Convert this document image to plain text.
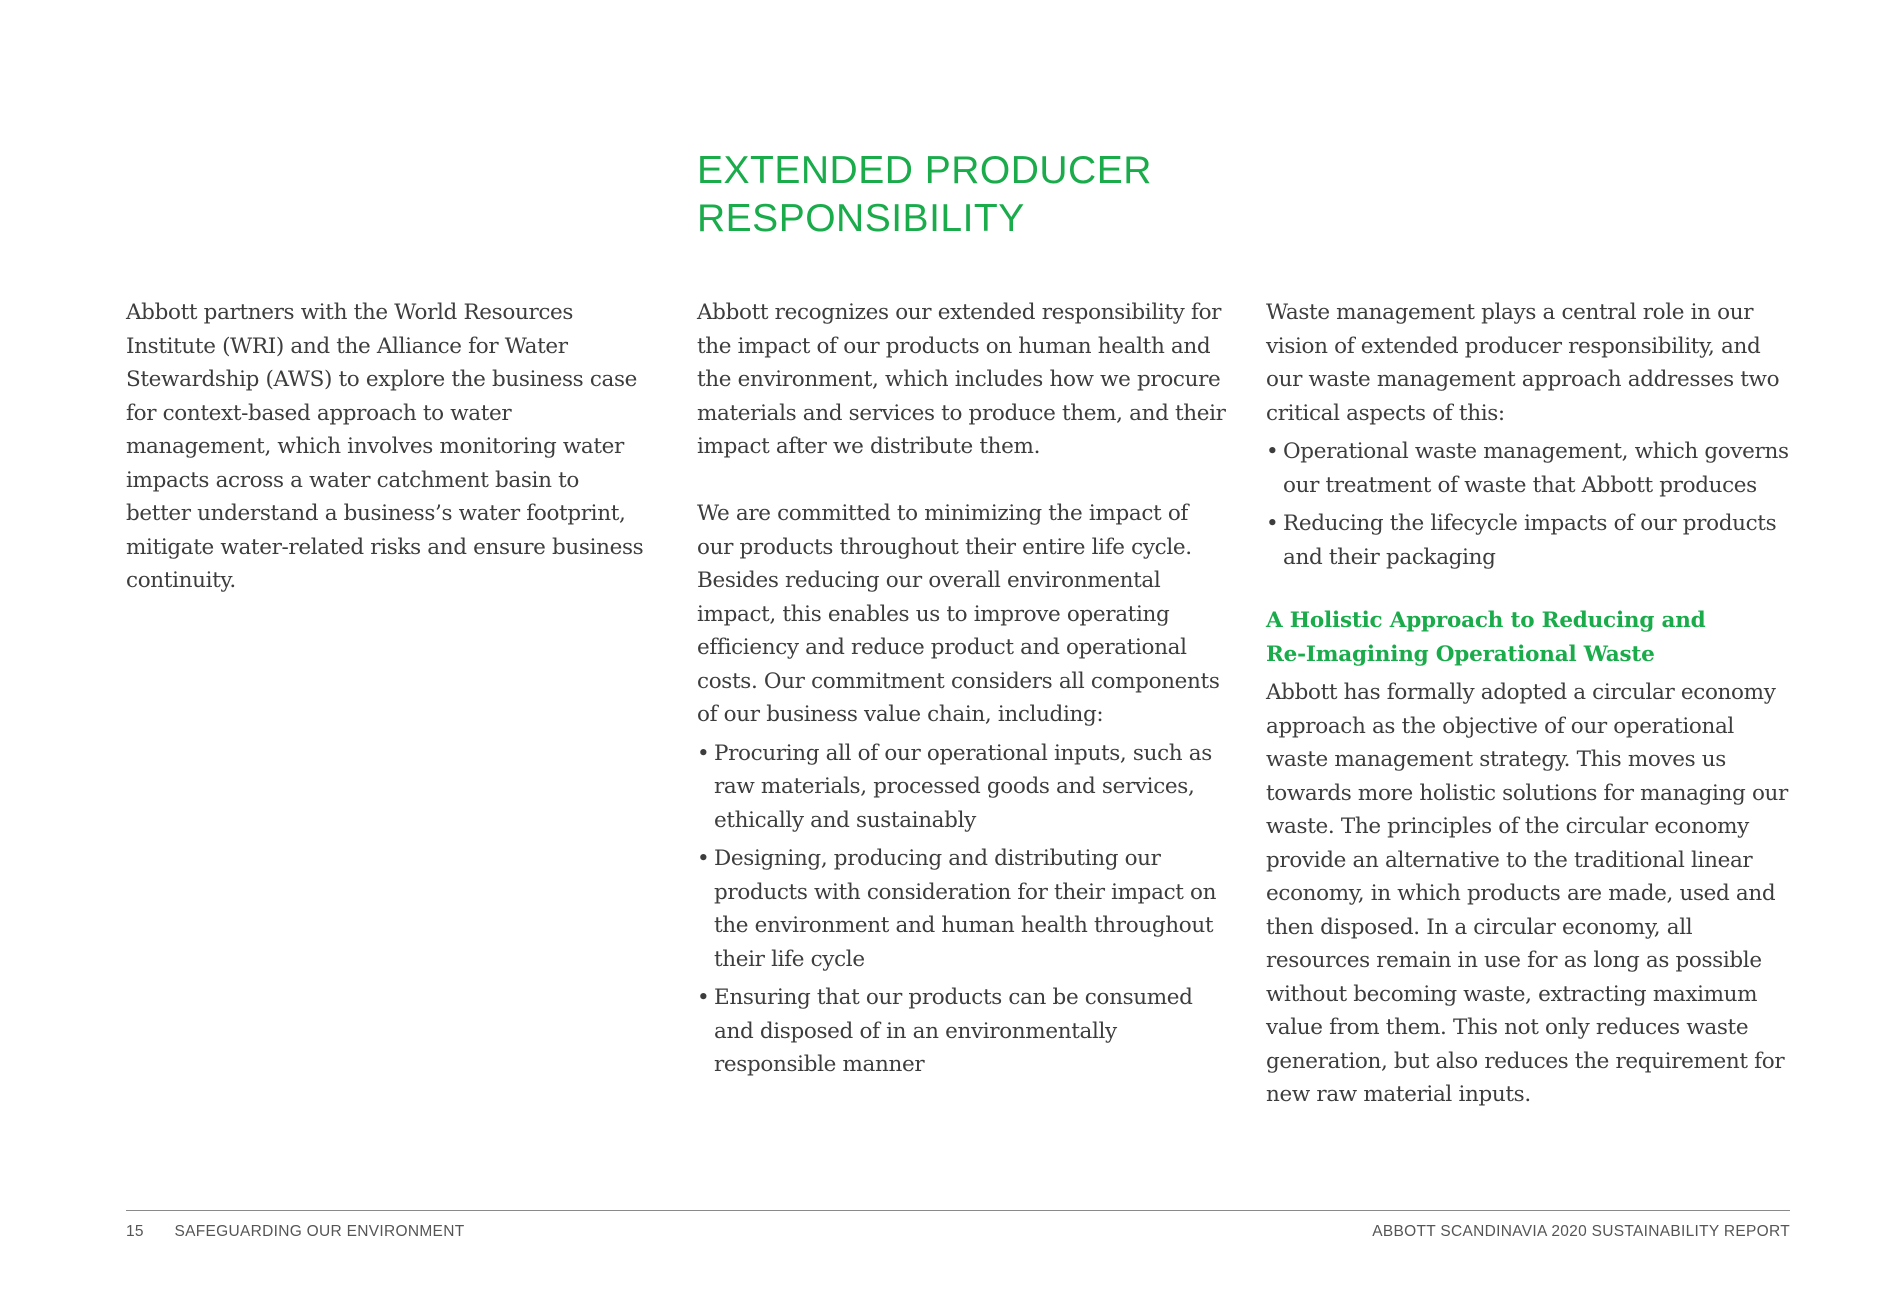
EXTENDED PRODUCER
RESPONSIBILITY

Abbott partners with the World Resources Institute (WRI) and the Alliance for Water Stewardship (AWS) to explore the business case for context-based approach to water management, which involves monitoring water impacts across a water catchment basin to better understand a business’s water footprint, mitigate water-related risks and ensure business continuity.

Abbott recognizes our extended responsibility for the impact of our products on human health and the environment, which includes how we procure materials and services to produce them, and their impact after we distribute them.

We are committed to minimizing the impact of our products throughout their entire life cycle. Besides reducing our overall environmental impact, this enables us to improve operating efficiency and reduce product and operational costs. Our commitment considers all components of our business value chain, including:

• Procuring all of our operational inputs, such as raw materials, processed goods and services, ethically and sustainably
• Designing, producing and distributing our products with consideration for their impact on the environment and human health throughout their life cycle
• Ensuring that our products can be consumed and disposed of in an environmentally responsible manner

Waste management plays a central role in our vision of extended producer responsibility, and our waste management approach addresses two critical aspects of this:

• Operational waste management, which governs our treatment of waste that Abbott produces
• Reducing the lifecycle impacts of our products and their packaging
A Holistic Approach to Reducing and
Re-Imagining Operational Waste

Abbott has formally adopted a circular economy approach as the objective of our operational waste management strategy. This moves us towards more holistic solutions for managing our waste. The principles of the circular economy provide an alternative to the traditional linear economy, in which products are made, used and then disposed. In a circular economy, all resources remain in use for as long as possible without becoming waste, extracting maximum value from them. This not only reduces waste generation, but also reduces the requirement for new raw material inputs.

15 SAFEGUARDING OUR ENVIRONMENT	ABBOTT SCANDINAVIA 2020 SUSTAINABILITY REPORT
